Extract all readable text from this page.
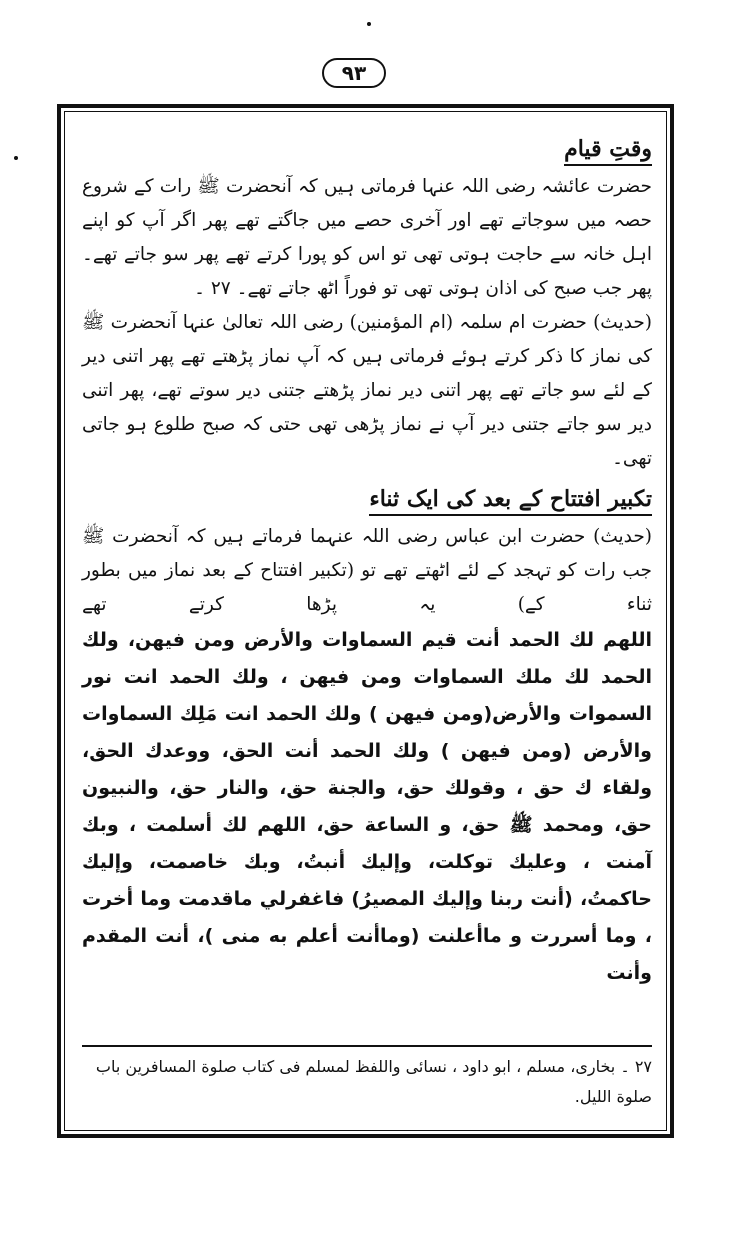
۹۳
وقتِ قیام

حضرت عائشہ رضی اللہ عنہا فرماتی ہیں کہ آنحضرت ﷺ رات کے شروع حصہ میں سوجاتے تھے اور آخری حصے میں جاگتے تھے پھر اگر آپ کو اپنے اہل خانہ سے حاجت ہوتی تھی تو اس کو پورا کرتے تھے پھر سو جاتے تھے۔ پھر جب صبح کی اذان ہوتی تھی تو فوراً اٹھ جاتے تھے۔ ۲۷ ۔

(حدیث) حضرت ام سلمہ (ام المؤمنین) رضی اللہ تعالیٰ عنہا آنحضرت ﷺ کی نماز کا ذکر کرتے ہوئے فرماتی ہیں کہ آپ نماز پڑھتے تھے پھر اتنی دیر کے لئے سو جاتے تھے پھر اتنی دیر نماز پڑھتے جتنی دیر سوتے تھے، پھر اتنی دیر سو جاتے جتنی دیر آپ نے نماز پڑھی تھی حتی کہ صبح طلوع ہو جاتی تھی۔

تکبیر افتتاح کے بعد کی ایک ثناء

(حدیث) حضرت ابن عباس رضی اللہ عنہما فرماتے ہیں کہ آنحضرت ﷺ جب رات کو تہجد کے لئے اٹھتے تھے تو (تکبیر افتتاح کے بعد نماز میں بطور ثناء کے) یہ پڑھا کرتے تھے

اللهم لك الحمد أنت قيم السماوات والأرض ومن فيهن، ولك الحمد لك ملك السماوات ومن فيهن ، ولك الحمد انت نور السموات والأرض(ومن فيهن ) ولك الحمد انت مَلِك السماوات والأرض (ومن فيهن ) ولك الحمد أنت الحق، ووعدك الحق، ولقاء ك حق ، وقولك حق، والجنة حق، والنار حق، والنبيون حق، ومحمد ﷺ حق، و الساعة حق، اللهم لك أسلمت ، وبك آمنت ، وعليك توكلت، وإليك أنبتُ، وبك خاصمت، وإليك حاكمتُ، (أنت ربنا وإليك المصيرُ) فاغفرلي ماقدمت وما أخرت ، وما أسررت و ماأعلنت (وماأنت أعلم به منى )، أنت المقدم وأنت

۲۷ ۔ بخاری، مسلم ، ابو داود ، نسائی واللفظ لمسلم فی کتاب صلوة المسافرین باب صلوة اللیل.
